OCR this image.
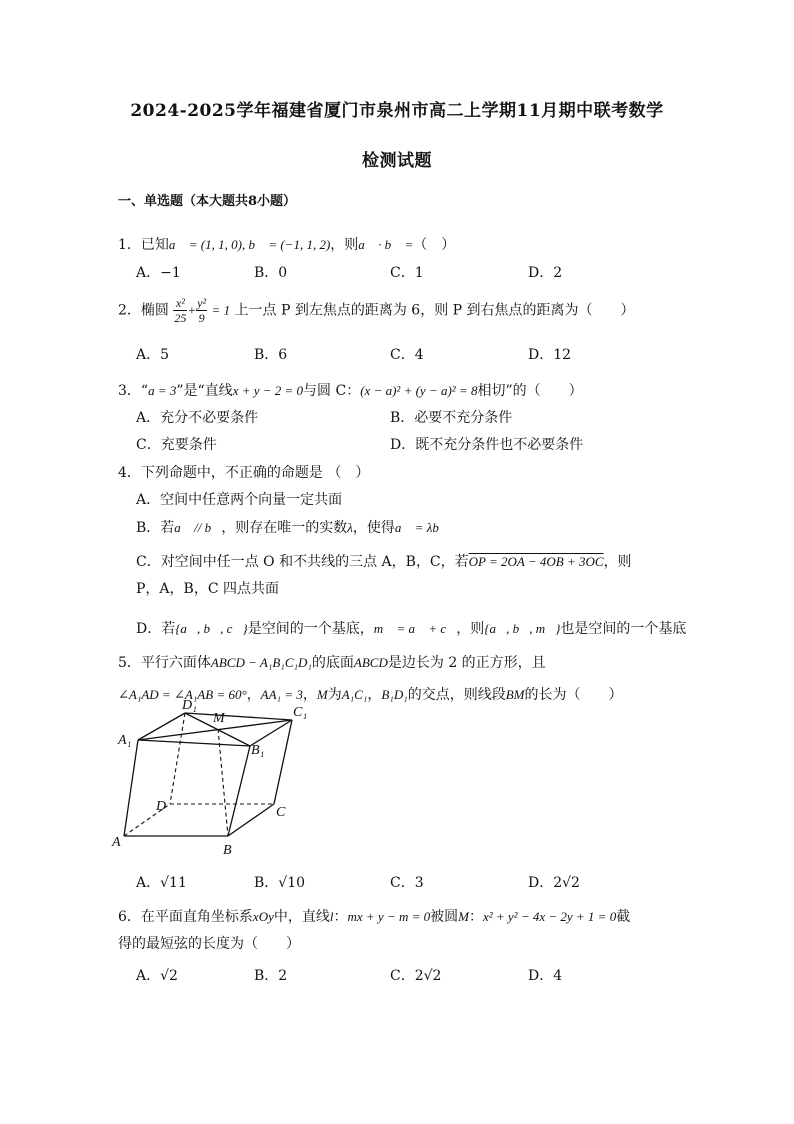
2024-2025学年福建省厦门市泉州市高二上学期11月期中联考数学
检测试题
一、单选题（本大题共8小题）
1．已知a⃗ = (1, 1, 0), b⃗ = (−1, 1, 2)，则a⃗ · b⃗ =（　）
A．−1	B．0	C．1	D．2
2．椭圆 $\frac{\text{x²}}{25} + \frac{\text{y²}}{9} = 1$ 上一点 P 到左焦点的距离为 6，则 P 到右焦点的距离为（　　）
A．5	B．6	C．4	D．12
3．“a = 3”是“直线x + y − 2 = 0与圆 C：(x − a)² + (y − a)² = 8相切”的（　　）
A．充分不必要条件	B．必要不充分条件
C．充要条件	D．既不充分条件也不必要条件
4．下列命题中，不正确的命题是 （　）
A．空间中任意两个向量一定共面
B．若a⃗ // b⃗，则存在唯一的实数λ，使得a⃗ = λb⃗
C．对空间中任一点 O 和不共线的三点 A，B，C，若OP = 2OA − 4OB + 3OC，则
P，A，B，C 四点共面
D．若{a⃗, b⃗, c⃗}是空间的一个基底，m⃗ = a⃗ + c⃗，则{a⃗, b⃗, m⃗}也是空间的一个基底
5．平行六面体ABCD − A₁B₁C₁D₁的底面ABCD是边长为 2 的正方形，且
∠A₁AD = ∠A₁AB = 60°，AA₁ = 3，M为A₁C₁，B₁D₁的交点，则线段BM的长为（　　）
D₁
M	C₁
A₁
B₁
D	C
A
B
A．√11	B．√10	C．3	D．2√2
6．在平面直角坐标系xOy中，直线l：mx + y − m = 0被圆M：x² + y² − 4x − 2y + 1 = 0截
得的最短弦的长度为（　　）
A．√2	B．2	C．2√2	D．4
